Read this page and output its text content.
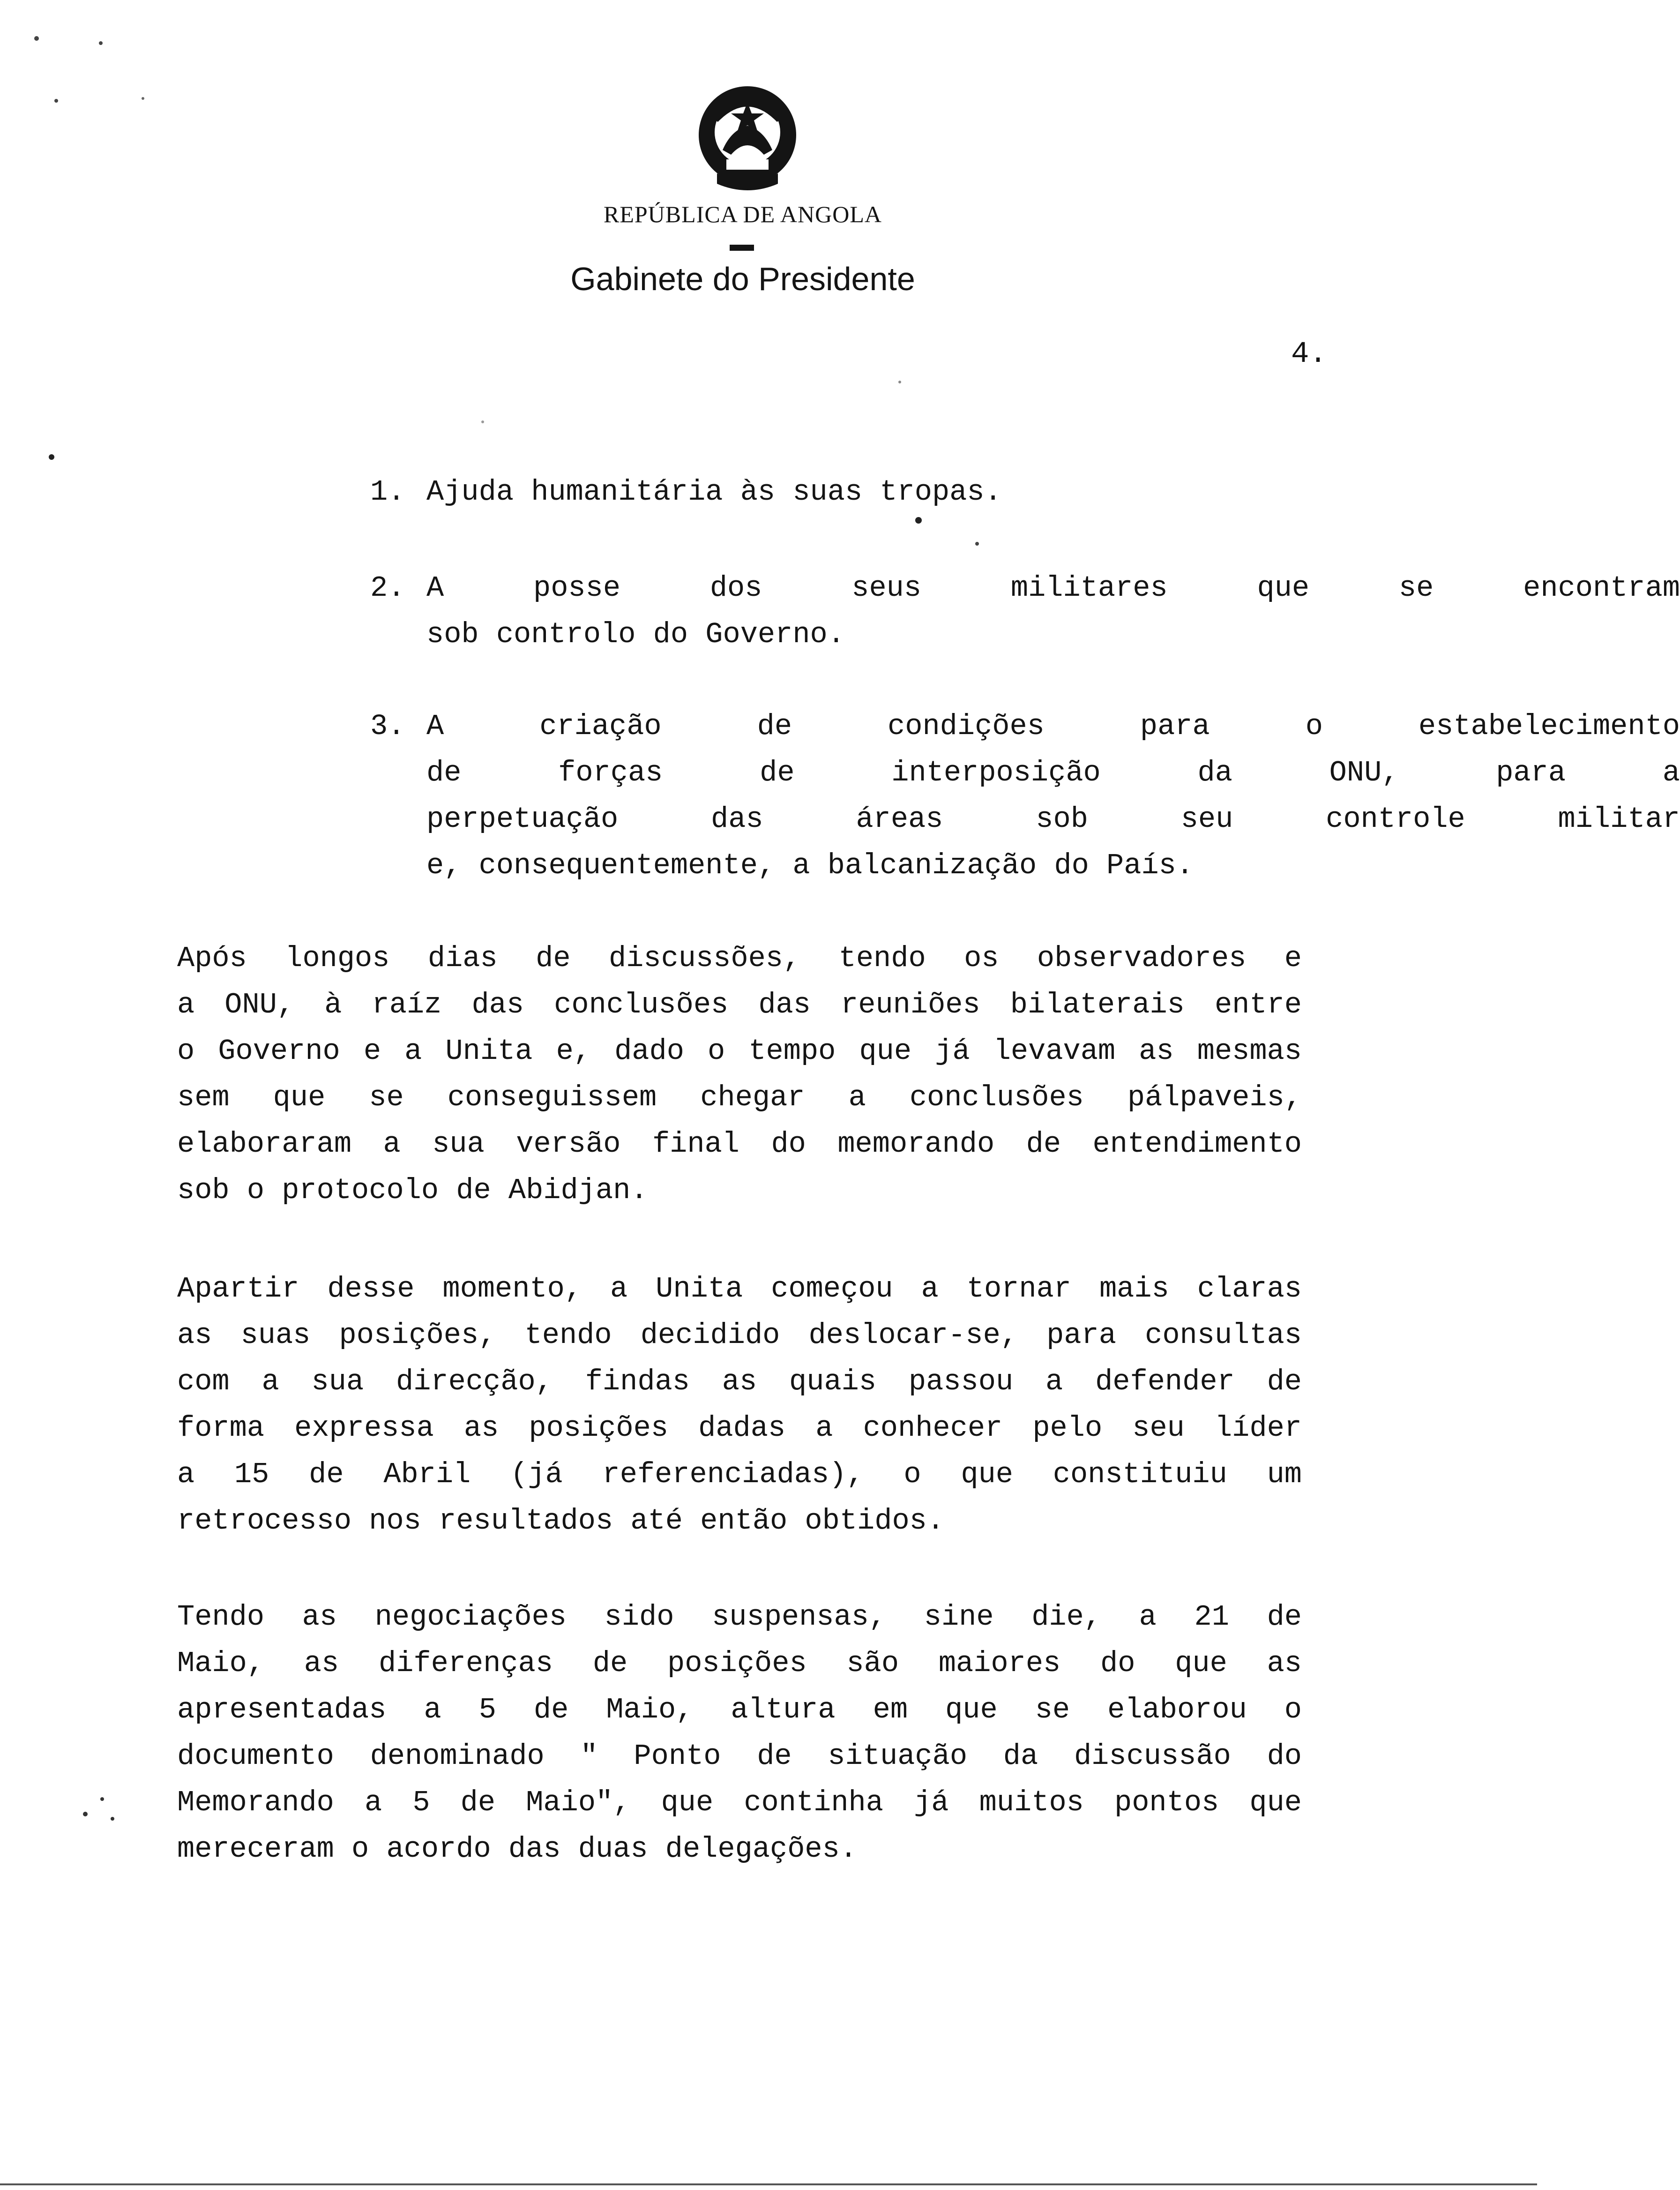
REPÚBLICA DE ANGOLA
Gabinete do Presidente
4.
1. Ajuda humanitária às suas tropas.
2. A posse dos seus militares que se encontram
sob controlo do Governo.
3. A criação de condições para o estabelecimento
de forças de interposição da ONU, para a
perpetuação das áreas sob seu controle militar
e, consequentemente, a balcanização do País.
Após longos dias de discussões, tendo os observadores e
a ONU, à raíz das conclusões das reuniões bilaterais entre
o Governo e a Unita e, dado o tempo que já levavam as mesmas
sem que se conseguissem chegar a conclusões pálpaveis,
elaboraram a sua versão final do memorando de entendimento
sob o protocolo de Abidjan.
Apartir desse momento, a Unita começou a tornar mais claras
as suas posições, tendo decidido deslocar-se, para consultas
com a sua direcção, findas as quais passou a defender de
forma expressa as posições dadas a conhecer pelo seu líder
a 15 de Abril (já referenciadas), o que constituiu um
retrocesso nos resultados até então obtidos.
Tendo as negociações sido suspensas, sine die, a 21 de
Maio, as diferenças de posições são maiores do que as
apresentadas a 5 de Maio, altura em que se elaborou o
documento denominado " Ponto de situação da discussão do
Memorando a 5 de Maio", que continha já muitos pontos que
mereceram o acordo das duas delegações.
